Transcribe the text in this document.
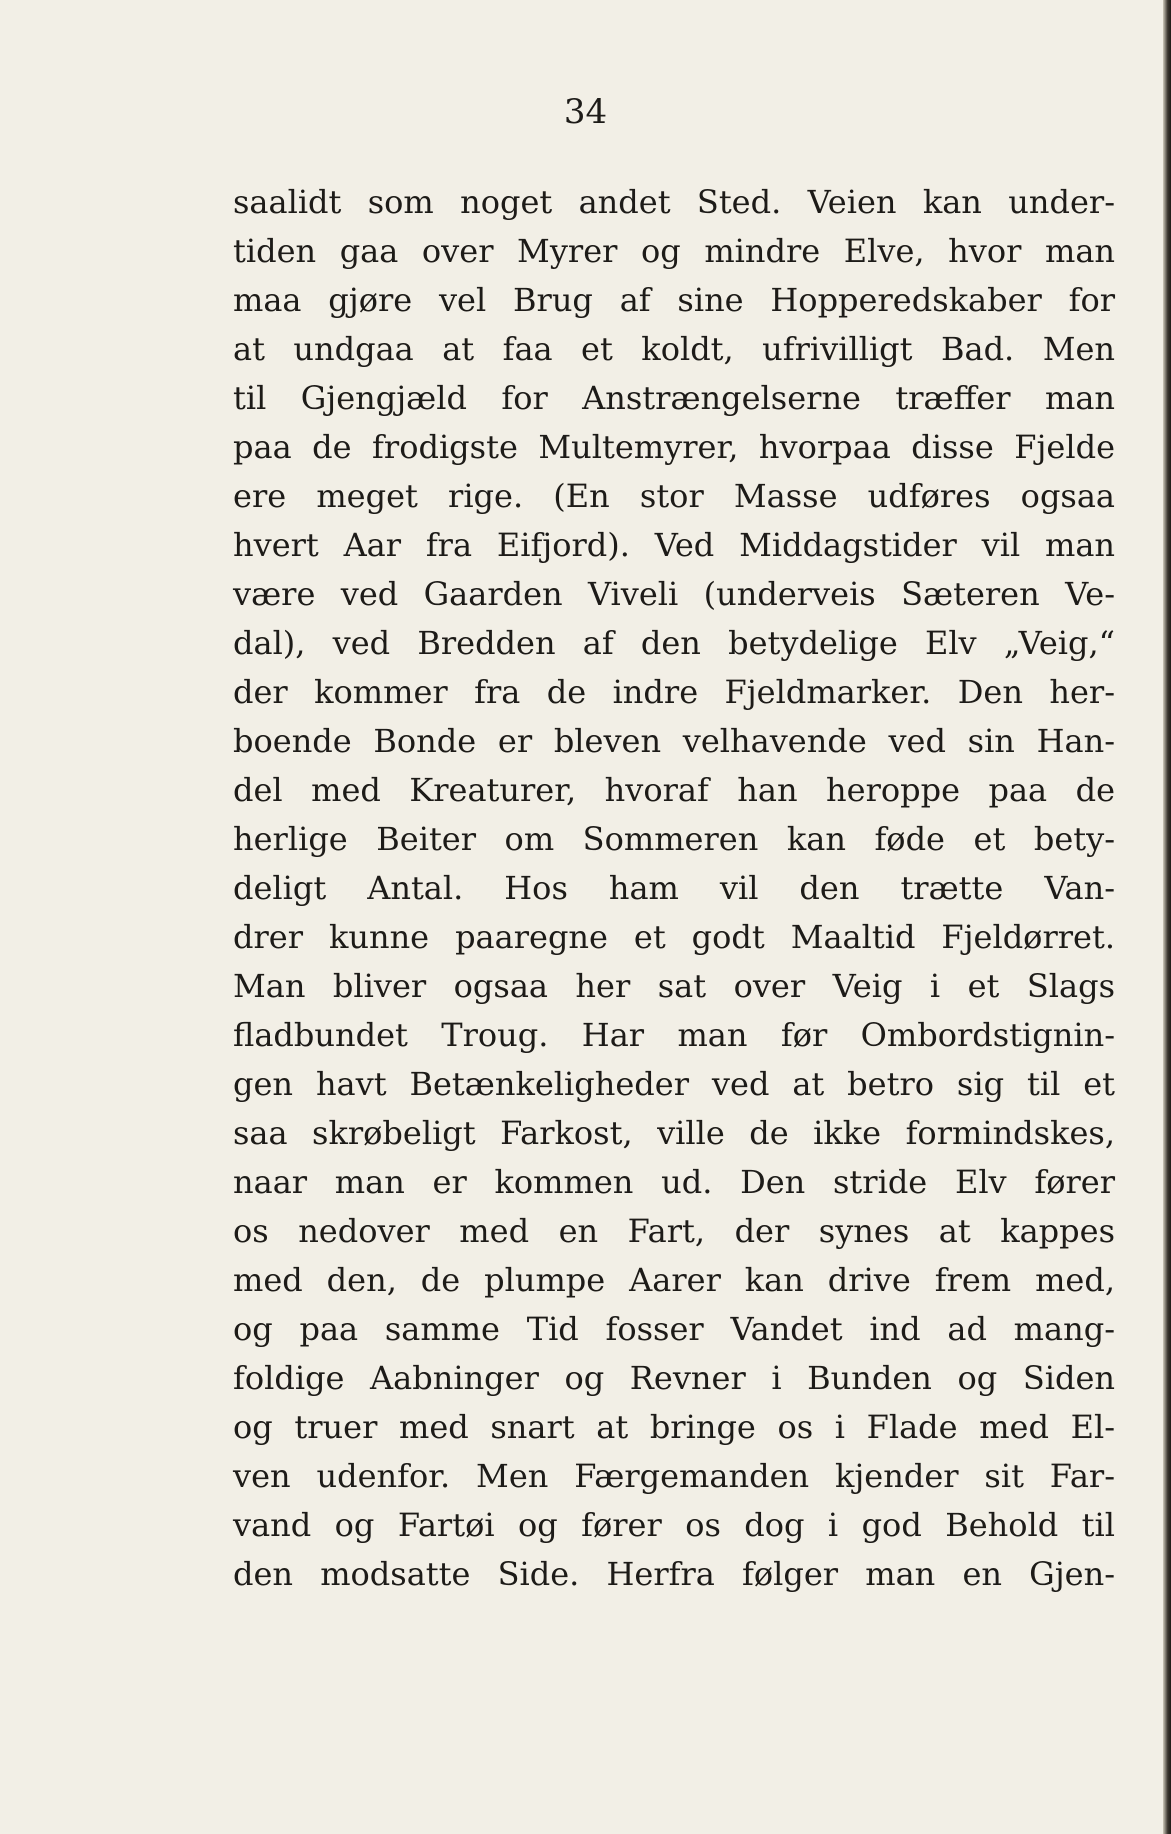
34

saalidt som noget andet Sted. Veien kan under-
tiden gaa over Myrer og mindre Elve, hvor man
maa gjøre vel Brug af sine Hopperedskaber for
at undgaa at faa et koldt, ufrivilligt Bad. Men
til Gjengjæld for Anstrængelserne træffer man
paa de frodigste Multemyrer, hvorpaa disse Fjelde
ere meget rige. (En stor Masse udføres ogsaa
hvert Aar fra Eifjord). Ved Middagstider vil man
være ved Gaarden Viveli (underveis Sæteren Ve-
dal), ved Bredden af den betydelige Elv „Veig,“
der kommer fra de indre Fjeldmarker. Den her-
boende Bonde er bleven velhavende ved sin Han-
del med Kreaturer, hvoraf han heroppe paa de
herlige Beiter om Sommeren kan føde et bety-
deligt Antal. Hos ham vil den trætte Van-
drer kunne paaregne et godt Maaltid Fjeldørret.
Man bliver ogsaa her sat over Veig i et Slags
fladbundet Troug. Har man før Ombordstignin-
gen havt Betænkeligheder ved at betro sig til et
saa skrøbeligt Farkost, ville de ikke formindskes,
naar man er kommen ud. Den stride Elv fører
os nedover med en Fart, der synes at kappes
med den, de plumpe Aarer kan drive frem med,
og paa samme Tid fosser Vandet ind ad mang-
foldige Aabninger og Revner i Bunden og Siden
og truer med snart at bringe os i Flade med El-
ven udenfor. Men Færgemanden kjender sit Far-
vand og Fartøi og fører os dog i god Behold til
den modsatte Side. Herfra følger man en Gjen-
